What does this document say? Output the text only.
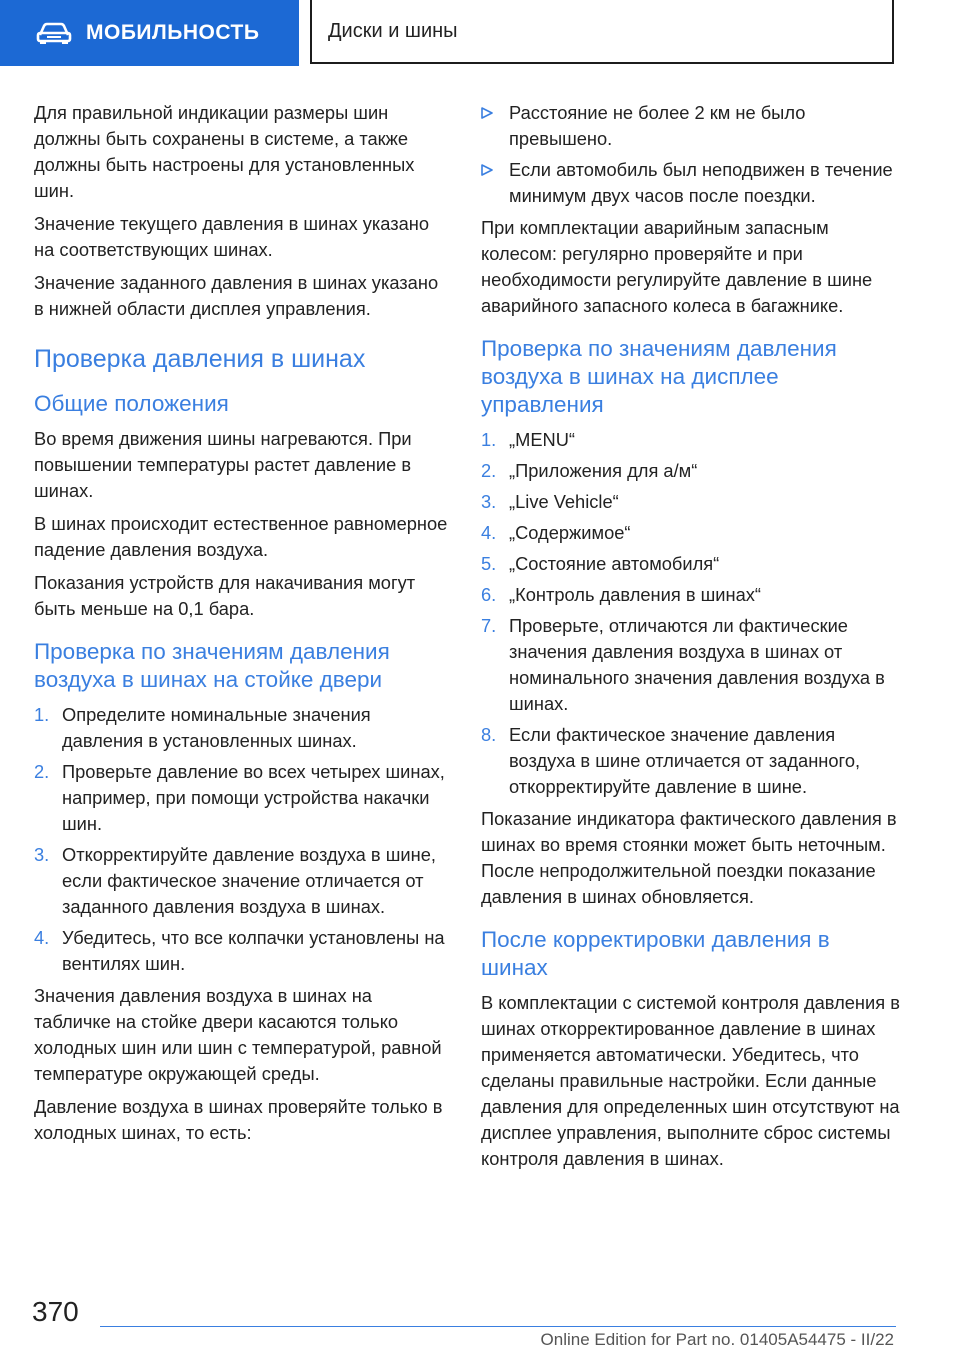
МОБИЛЬНОСТЬ	Диски и шины

Для правильной индикации размеры шин должны быть сохранены в системе, а также должны быть настроены для установленных шин.

Значение текущего давления в шинах указано на соответствующих шинах.

Значение заданного давления в шинах указано в нижней области дисплея управления.

Проверка давления в шинах
Общие положения

Во время движения шины нагреваются. При повышении температуры растет давление в шинах.

В шинах происходит естественное равномерное падение давления воздуха.

Показания устройств для накачивания могут быть меньше на 0,1 бара.

Проверка по значениям давления воздуха в шинах на стойке двери
1. Определите номинальные значения давления в установленных шинах.
2. Проверьте давление во всех четырех шинах, например, при помощи устройства накачки шин.
3. Откорректируйте давление воздуха в шине, если фактическое значение отличается от заданного давления воздуха в шинах.
4. Убедитесь, что все колпачки установлены на вентилях шин.

Значения давления воздуха в шинах на табличке на стойке двери касаются только холодных шин или шин с температурой, равной температуре окружающей среды.

Давление воздуха в шинах проверяйте только в холодных шинах, то есть:

Расстояние не более 2 км не было превышено.
Если автомобиль был неподвижен в течение минимум двух часов после поездки.

При комплектации аварийным запасным колесом: регулярно проверяйте и при необходимости регулируйте давление в шине аварийного запасного колеса в багажнике.

Проверка по значениям давления воздуха в шинах на дисплее управления
1. „MENU“
2. „Приложения для а/м“
3. „Live Vehicle“
4. „Содержимое“
5. „Состояние автомобиля“
6. „Контроль давления в шинах“
7. Проверьте, отличаются ли фактические значения давления воздуха в шинах от номинального значения давления воздуха в шинах.
8. Если фактическое значение давления воздуха в шине отличается от заданного, откорректируйте давление в шине.

Показание индикатора фактического давления в шинах во время стоянки может быть неточным. После непродолжительной поездки показание давления в шинах обновляется.

После корректировки давления в шинах

В комплектации с системой контроля давления в шинах откорректированное давление в шинах применяется автоматически. Убедитесь, что сделаны правильные настройки. Если данные давления для определенных шин отсутствуют на дисплее управления, выполните сброс системы контроля давления в шинах.

370
Online Edition for Part no. 01405A54475 - II/22
